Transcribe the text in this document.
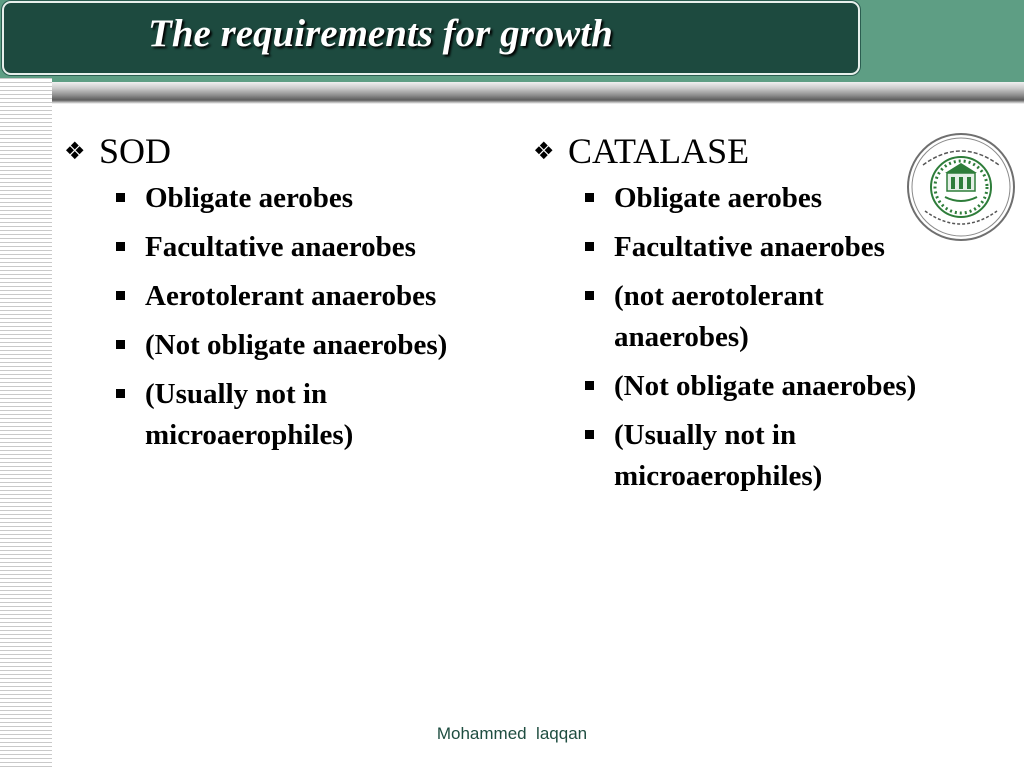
The requirements for growth
❖ SOD
Obligate aerobes
Facultative anaerobes
Aerotolerant anaerobes
(Not obligate anaerobes)
(Usually not in microaerophiles)
❖ CATALASE
Obligate aerobes
Facultative anaerobes
(not aerotolerant anaerobes)
(Not obligate anaerobes)
(Usually not in microaerophiles)
Mohammed  laqqan
